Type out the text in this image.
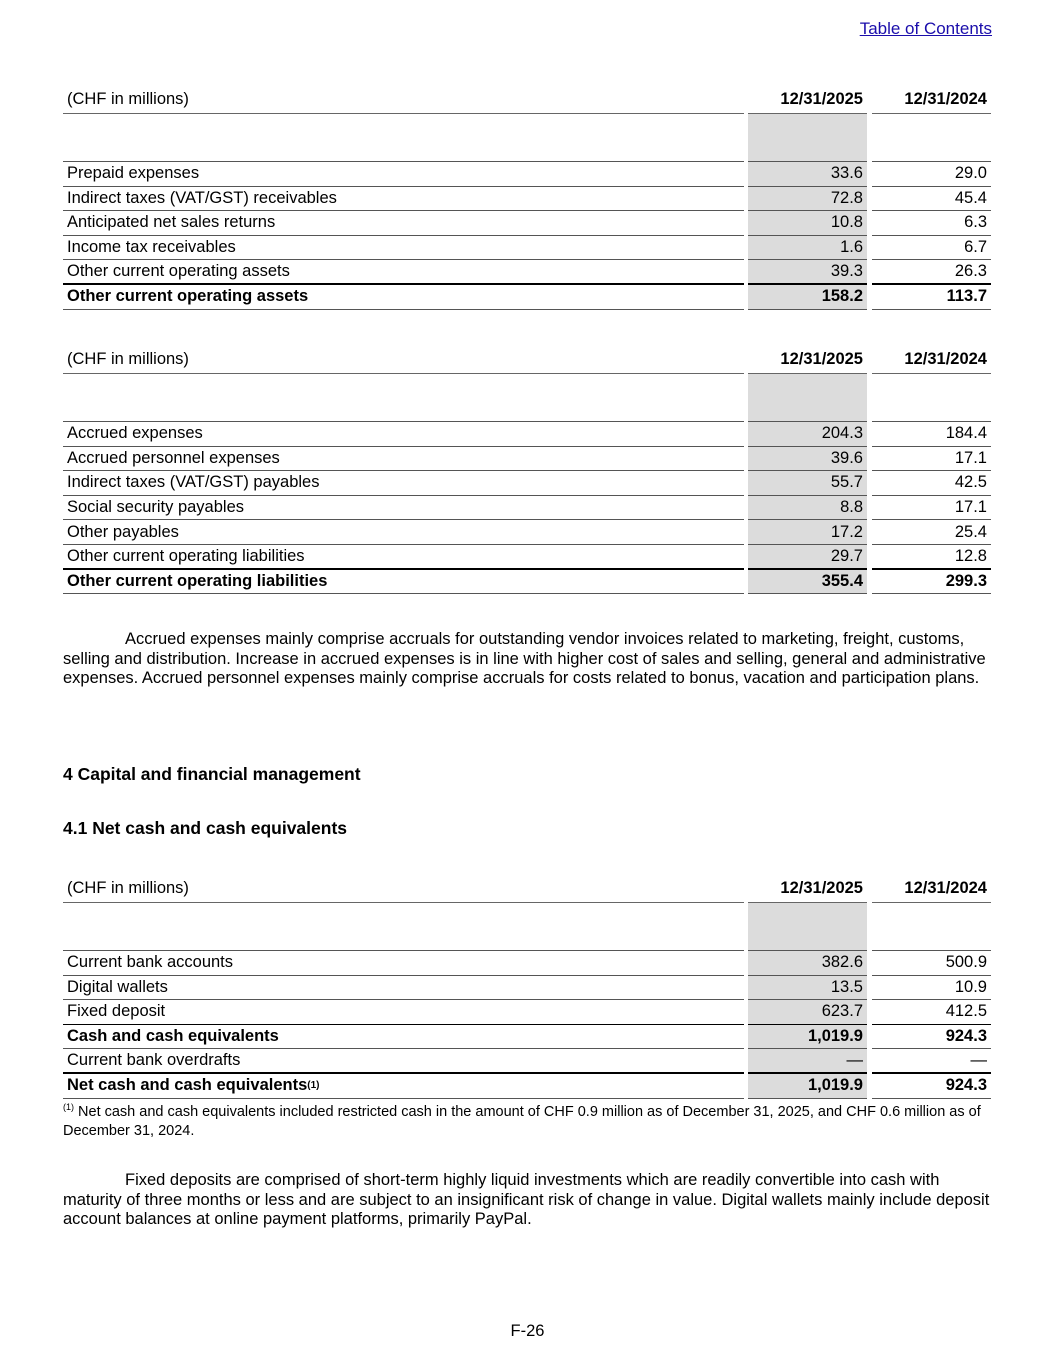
Table of Contents
(CHF in millions)	12/31/2025	12/31/2024
Prepaid expenses	33.6	29.0
Indirect taxes (VAT/GST) receivables	72.8	45.4
Anticipated net sales returns	10.8	6.3
Income tax receivables	1.6	6.7
Other current operating assets	39.3	26.3
Other current operating assets	158.2	113.7
(CHF in millions)	12/31/2025	12/31/2024
Accrued expenses	204.3	184.4
Accrued personnel expenses	39.6	17.1
Indirect taxes (VAT/GST) payables	55.7	42.5
Social security payables	8.8	17.1
Other payables	17.2	25.4
Other current operating liabilities	29.7	12.8
Other current operating liabilities	355.4	299.3

Accrued expenses mainly comprise accruals for outstanding vendor invoices related to marketing, freight, customs, selling and distribution. Increase in accrued expenses is in line with higher cost of sales and selling, general and administrative expenses. Accrued personnel expenses mainly comprise accruals for costs related to bonus, vacation and participation plans.

4 Capital and financial management
4.1 Net cash and cash equivalents
(CHF in millions)	12/31/2025	12/31/2024
Current bank accounts	382.6	500.9
Digital wallets	13.5	10.9
Fixed deposit	623.7	412.5
Cash and cash equivalents	1,019.9	924.3
Current bank overdrafts	—	—
Net cash and cash equivalents (1)	1,019.9	924.3

$^{(1)}$ Net cash and cash equivalents included restricted cash in the amount of CHF 0.9 million as of December 31, 2025, and CHF 0.6 million as of December 31, 2024.

Fixed deposits are comprised of short-term highly liquid investments which are readily convertible into cash with maturity of three months or less and are subject to an insignificant risk of change in value. Digital wallets mainly include deposit account balances at online payment platforms, primarily PayPal.

F-26
